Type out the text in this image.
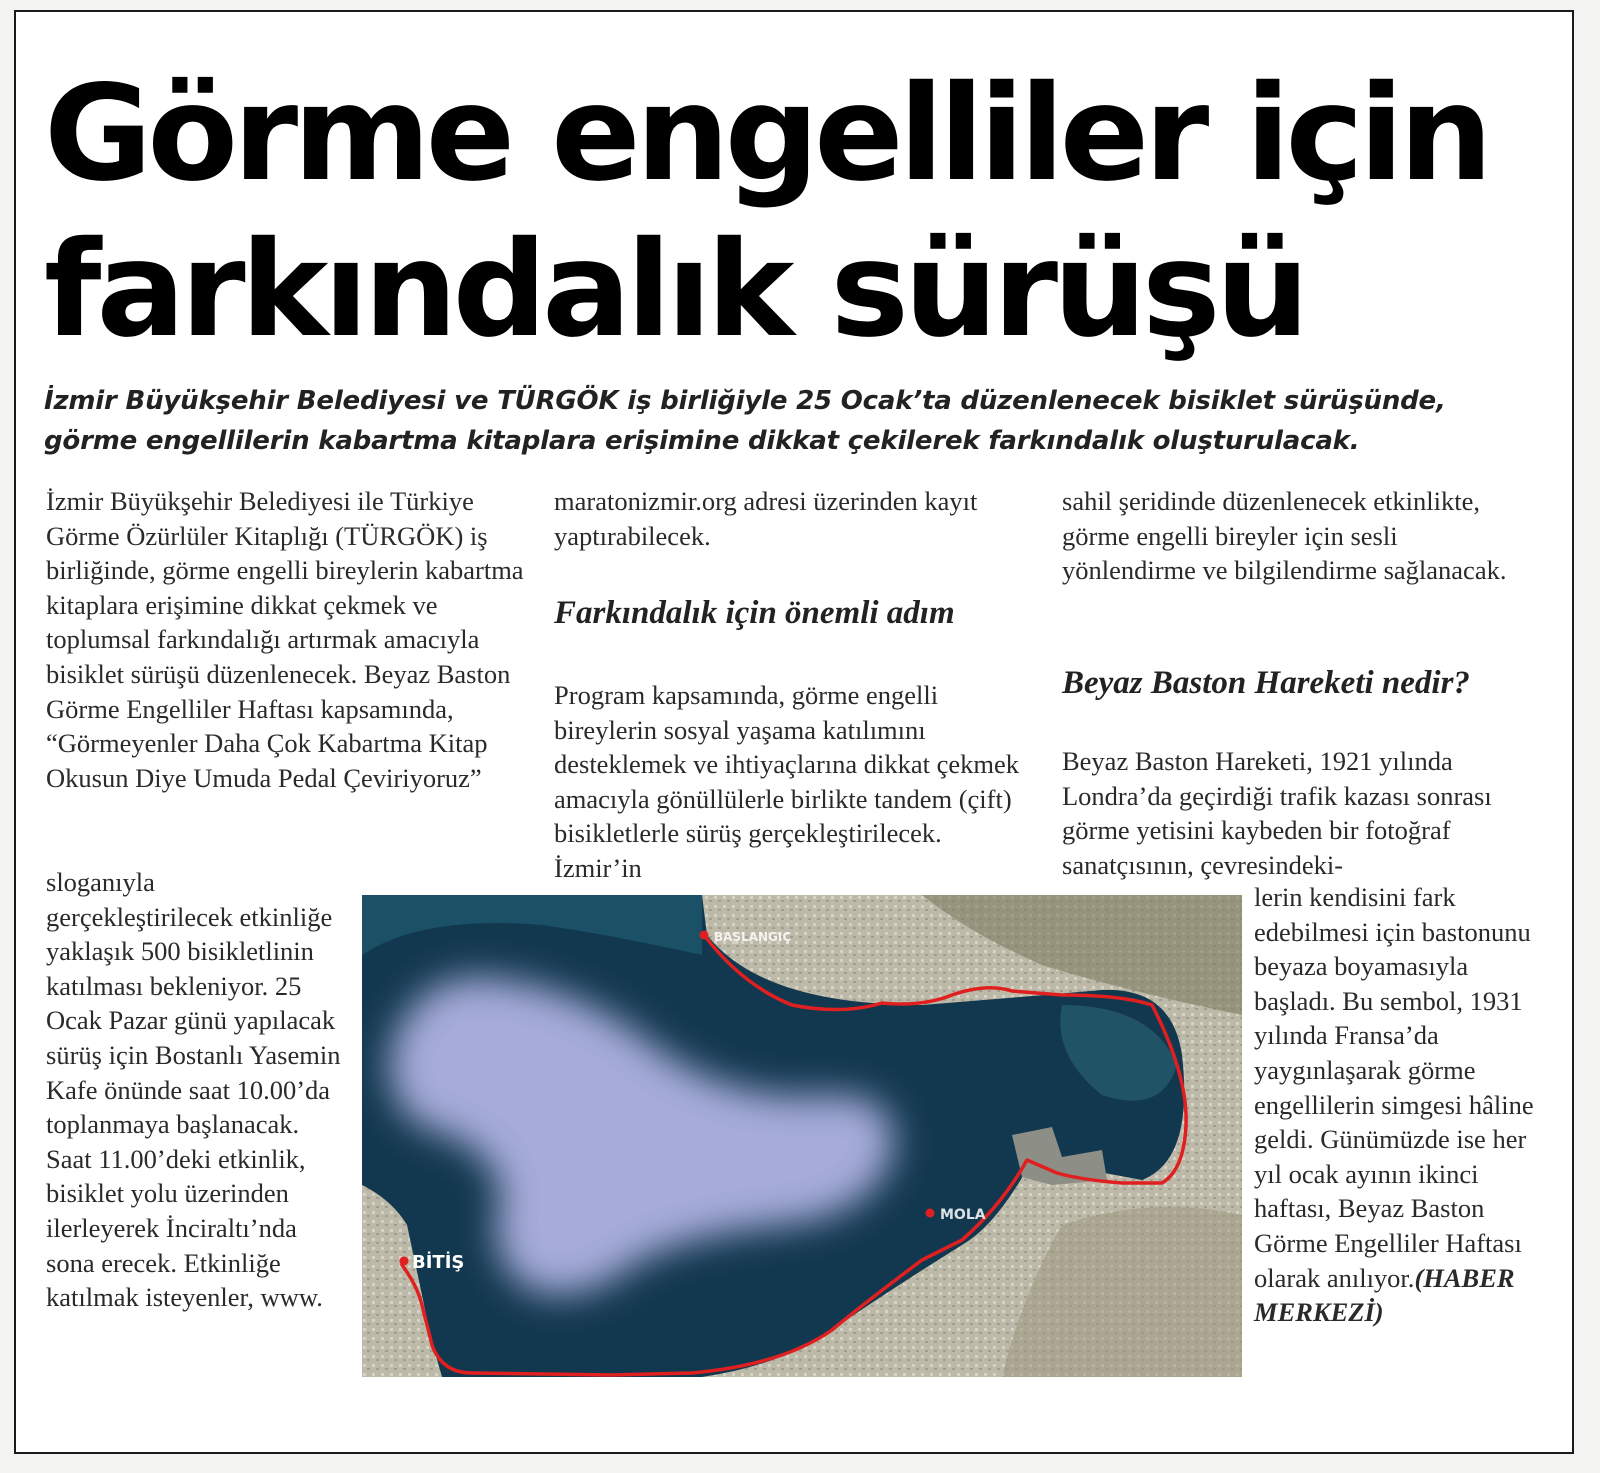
Görme engelliler için
farkındalık sürüşü

İzmir Büyükşehir Belediyesi ve TÜRGÖK iş birliğiyle 25 Ocak’ta düzenlenecek bisiklet sürüşünde,

görme engellilerin kabartma kitaplara erişimine dikkat çekilerek farkındalık oluşturulacak.

İzmir Büyükşehir Belediyesi ile Türkiye Görme Özürlüler Kitaplığı (TÜRGÖK) iş birliğinde, görme engelli bireylerin kabartma kitaplara erişimine dikkat çekmek ve toplumsal farkındalığı artırmak amacıyla bisiklet sürüşü düzenlenecek. Beyaz Baston Görme Engelliler Haftası kapsamında, “Görmeyenler Daha Çok Kabartma Kitap Okusun Diye Umuda Pedal Çeviriyoruz”

sloganıyla gerçekleştirilecek etkinliğe yaklaşık 500 bisikletlinin katılması bekleniyor. 25 Ocak Pazar günü yapılacak sürüş için Bostanlı Yasemin Kafe önünde saat 10.00’da toplanmaya başlanacak. Saat 11.00’deki etkinlik, bisiklet yolu üzerinden ilerleyerek İnciraltı’nda sona erecek. Etkinliğe katılmak isteyenler, www.

maratonizmir.org adresi üzerinden kayıt yaptırabilecek.

Farkındalık için önemli adım

Program kapsamında, görme engelli bireylerin sosyal yaşama katılımını desteklemek ve ihtiyaçlarına dikkat çekmek amacıyla gönüllülerle birlikte tandem (çift) bisikletlerle sürüş gerçekleştirilecek. İzmir’in

sahil şeridinde düzenlenecek etkinlikte, görme engelli bireyler için sesli yönlendirme ve bilgilendirme sağlanacak.

Beyaz Baston Hareketi nedir?

Beyaz Baston Hareketi, 1921 yılında Londra’da geçirdiği trafik kazası sonrası görme yetisini kaybeden bir fotoğraf sanatçısının, çevresindeki-

lerin kendisini fark edebilmesi için bastonunu beyaza boyamasıyla başladı. Bu sembol, 1931 yılında Fransa’da yaygınlaşarak görme engellilerin simgesi hâline geldi. Günümüzde ise her yıl ocak ayının ikinci haftası, Beyaz Baston Görme Engelliler Haftası olarak anılıyor.(HABER MERKEZİ)

BAŞLANGIÇ
MOLA
BİTİŞ
